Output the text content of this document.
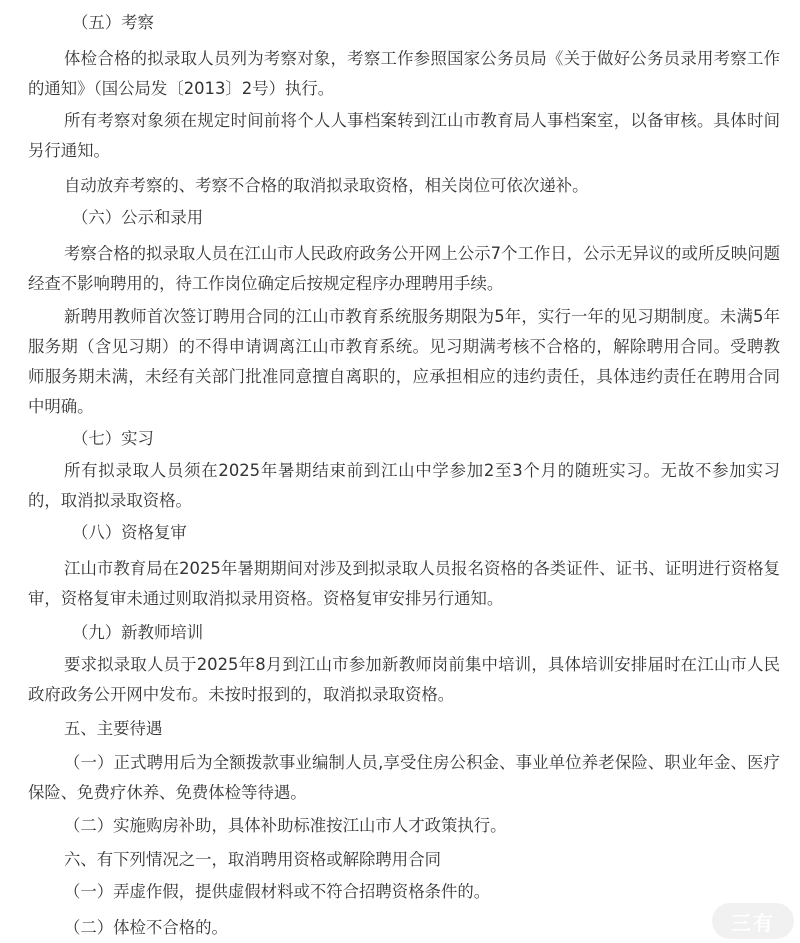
（五）考察

体检合格的拟录取人员列为考察对象，考察工作参照国家公务员局《关于做好公务员录用考察工作的通知》（国公局发〔2013〕2号）执行。

所有考察对象须在规定时间前将个人人事档案转到江山市教育局人事档案室，以备审核。具体时间另行通知。

自动放弃考察的、考察不合格的取消拟录取资格，相关岗位可依次递补。

（六）公示和录用

考察合格的拟录取人员在江山市人民政府政务公开网上公示7个工作日，公示无异议的或所反映问题经查不影响聘用的，待工作岗位确定后按规定程序办理聘用手续。

新聘用教师首次签订聘用合同的江山市教育系统服务期限为5年，实行一年的见习期制度。未满5年服务期（含见习期）的不得申请调离江山市教育系统。见习期满考核不合格的，解除聘用合同。受聘教师服务期未满，未经有关部门批准同意擅自离职的，应承担相应的违约责任，具体违约责任在聘用合同中明确。

（七）实习

所有拟录取人员须在2025年暑期结束前到江山中学参加2至3个月的随班实习。无故不参加实习的，取消拟录取资格。

（八）资格复审

江山市教育局在2025年暑期期间对涉及到拟录取人员报名资格的各类证件、证书、证明进行资格复审，资格复审未通过则取消拟录用资格。资格复审安排另行通知。

（九）新教师培训

要求拟录取人员于2025年8月到江山市参加新教师岗前集中培训，具体培训安排届时在江山市人民政府政务公开网中发布。未按时报到的，取消拟录取资格。

五、主要待遇

（一）正式聘用后为全额拨款事业编制人员,享受住房公积金、事业单位养老保险、职业年金、医疗保险、免费疗休养、免费体检等待遇。

（二）实施购房补助，具体补助标准按江山市人才政策执行。

六、有下列情况之一，取消聘用资格或解除聘用合同

（一）弄虚作假，提供虚假材料或不符合招聘资格条件的。

（二）体检不合格的。	三有
